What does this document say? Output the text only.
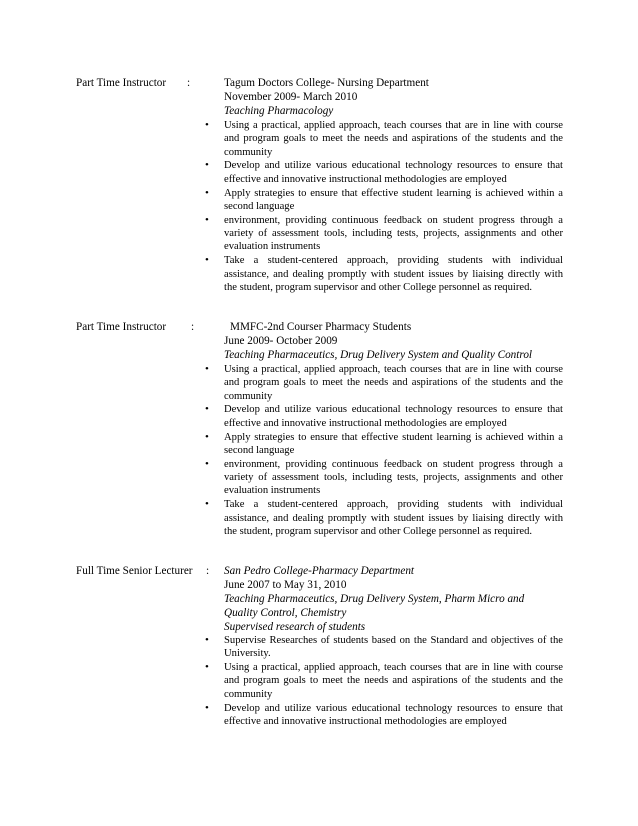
Part Time Instructor :	Tagum Doctors College- Nursing Department
November 2009- March 2010
Teaching Pharmacology
• Using a practical, applied approach, teach courses that are in line with course and program goals to meet the needs and aspirations of the students and the community
• Develop and utilize various educational technology resources to ensure that effective and innovative instructional methodologies are employed
• Apply strategies to ensure that effective student learning is achieved within a second language
• environment, providing continuous feedback on student progress through a variety of assessment tools, including tests, projects, assignments and other evaluation instruments
• Take a student-centered approach, providing students with individual assistance, and dealing promptly with student issues by liaising directly with the student, program supervisor and other College personnel as required.
Part Time Instructor :	MMFC-2nd Courser Pharmacy Students
June 2009- October 2009
Teaching Pharmaceutics, Drug Delivery System and Quality Control
• Using a practical, applied approach, teach courses that are in line with course and program goals to meet the needs and aspirations of the students and the community
• Develop and utilize various educational technology resources to ensure that effective and innovative instructional methodologies are employed
• Apply strategies to ensure that effective student learning is achieved within a second language
• environment, providing continuous feedback on student progress through a variety of assessment tools, including tests, projects, assignments and other evaluation instruments
• Take a student-centered approach, providing students with individual assistance, and dealing promptly with student issues by liaising directly with the student, program supervisor and other College personnel as required.
Full Time Senior Lecturer : San Pedro College-Pharmacy Department
June 2007 to May 31, 2010
Teaching Pharmaceutics, Drug Delivery System, Pharm Micro and
Quality Control, Chemistry
Supervised research of students
• Supervise Researches of students based on the Standard and objectives of the University.
• Using a practical, applied approach, teach courses that are in line with course and program goals to meet the needs and aspirations of the students and the community
• Develop and utilize various educational technology resources to ensure that effective and innovative instructional methodologies are employed
